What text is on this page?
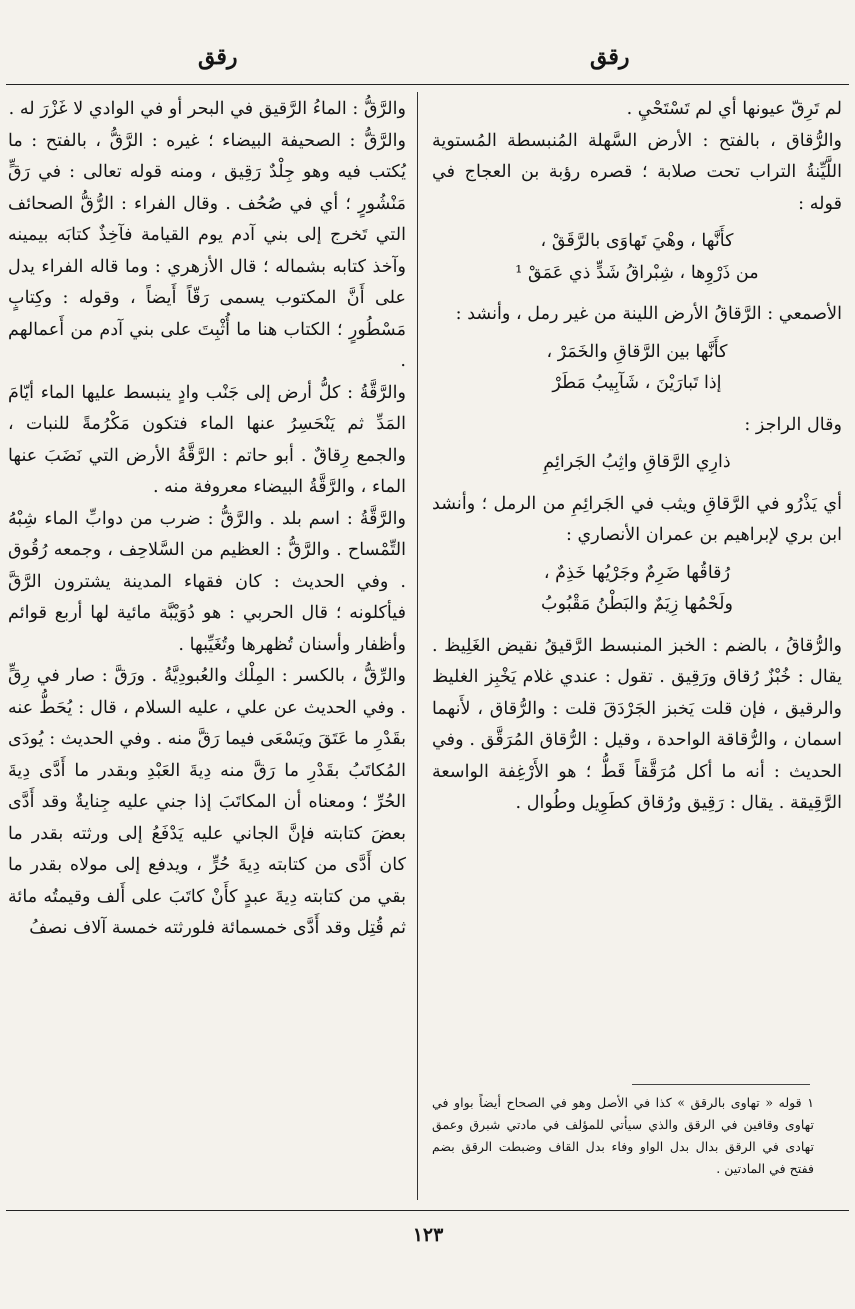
رقق
رقق

لم تَرِقّ عيونها أي لم تَسْتَحْيِ .

والرُّقاق ، بالفتح : الأرض السَّهلة المُنبسطة المُستوية اللَّيِّنةُ التراب تحت صلابة ؛ قصره رؤبة بن العجاج في قوله :

كأَنَّها ، وهْيَ تَهاوَى بالرَّقَقْ ،
من ذَرْوِها ، شِبْراقُ شَدٍّ ذي عَمَقْ ¹

الأصمعي : الرَّقاقُ الأرض اللينة من غير رمل ، وأنشد :

كأَنَّها بين الرَّقاقِ والخَمَرْ ،
إذا تَبارَيْنَ ، شَآبِيبُ مَطَرْ

وقال الراجز :

ذارِي الرَّقاقِ واثِبُ الجَرائِمِ

أي يَذْرُو في الرَّقاقِ ويثب في الجَرائِمِ من الرمل ؛ وأنشد ابن بري لإبراهيم بن عمران الأنصاري :

رُقاقُها ضَرِمٌ وجَرْيُها خَذِمٌ ،
ولَحْمُها زِيَمٌ والبَطْنُ مَقْبُوبُ

والرُّقاقُ ، بالضم : الخبز المنبسط الرَّقيقُ نقيض الغَلِيظ . يقال : خُبْزٌ رُقاق ورَقِيق . تقول : عندي غلام يَخْبِز الغليظ والرقيق ، فإن قلت يَخبز الجَرْدَقَ قلت : والرُّقاق ، لأَنهما اسمان ، والرُّقاقة الواحدة ، وقيل : الرُّقاق المُرَقَّق . وفي الحديث : أنه ما أكل مُرَقَّقاً قَطُّ ؛ هو الأَرْغِفة الواسعة الرَّقِيقة . يقال : رَقِيق ورُقاق كطَوِيل وطُوال .

١ قوله « تهاوى بالرقق » كذا في الأصل وهو في الصحاح أيضاً بواو في تهاوى وقافين في الرقق والذي سيأتي للمؤلف في مادتي شبرق وعمق تهادى في الرقق بدال بدل الواو وفاء بدل القاف وضبطت الرقق بضم ففتح في المادتين .

والرَّقُّ : الماءُ الرَّقيق في البحر أو في الوادي لا غَزْرَ له .

والرَّقُّ : الصحيفة البيضاء ؛ غيره : الرَّقُّ ، بالفتح : ما يُكتب فيه وهو جِلْدٌ رَقِيق ، ومنه قوله تعالى : في رَقٍّ مَنْشُورٍ ؛ أي في صُحُف . وقال الفراء : الرُّقُّ الصحائف التي تَخرج إلى بني آدم يوم القيامة فآخِذٌ كتابَه بيمينه وآخذ كتابه بشماله ؛ قال الأزهري : وما قاله الفراء يدل على أَنَّ المكتوب يسمى رَقّاً أَيضاً ، وقوله : وكِتابٍ مَسْطُورٍ ؛ الكتاب هنا ما أُثْبِتَ على بني آدم من أَعمالهم .

والرَّقَّةُ : كلُّ أرض إلى جَنْب وادٍ ينبسط عليها الماء أيّامَ المَدِّ ثم يَنْحَسِرُ عنها الماء فتكون مَكْرُمةً للنبات ، والجمع رِقاقٌ . أبو حاتم : الرَّقَّةُ الأرض التي نَضَبَ عنها الماء ، والرَّقَّةُ البيضاء معروفة منه .

والرَّقَّةُ : اسم بلد . والرَّقُّ : ضرب من دوابِّ الماء شِبْهُ التِّمْساح . والرَّقُّ : العظيم من السَّلاحِف ، وجمعه رُقُوق . وفي الحديث : كان فقهاء المدينة يشترون الرَّقَّ فيأكلونه ؛ قال الحربي : هو دُوَيْبَّة مائية لها أربع قوائم وأظفار وأسنان تُظهرها وتُغَيِّبها .

والرِّقُّ ، بالكسر : المِلْك والعُبودِيَّةُ . ورَقَّ : صار في رِقٍّ . وفي الحديث عن علي ، عليه السلام ، قال : يُحَطُّ عنه بقَدْرِ ما عَتَقَ ويَسْعَى فيما رَقَّ منه . وفي الحديث : يُودَى المُكاتَبُ بقَدْرِ ما رَقَّ منه دِيةَ العَبْدِ وبقدر ما أَدَّى دِيةَ الحُرِّ ؛ ومعناه أن المكاتَبَ إذا جني عليه جِنايةٌ وقد أَدَّى بعضَ كتابته فإنَّ الجاني عليه يَدْفَعُ إلى ورثته بقدر ما كان أَدَّى من كتابته دِيةَ حُرٍّ ، ويدفع إلى مولاه بقدر ما بقي من كتابته دِيةَ عبدٍ كأَنْ كاتَبَ على أَلف وقيمتُه مائة ثم قُتِل وقد أَدَّى خمسمائة فلورثته خمسة آلاف نصفُ

١٢٣
